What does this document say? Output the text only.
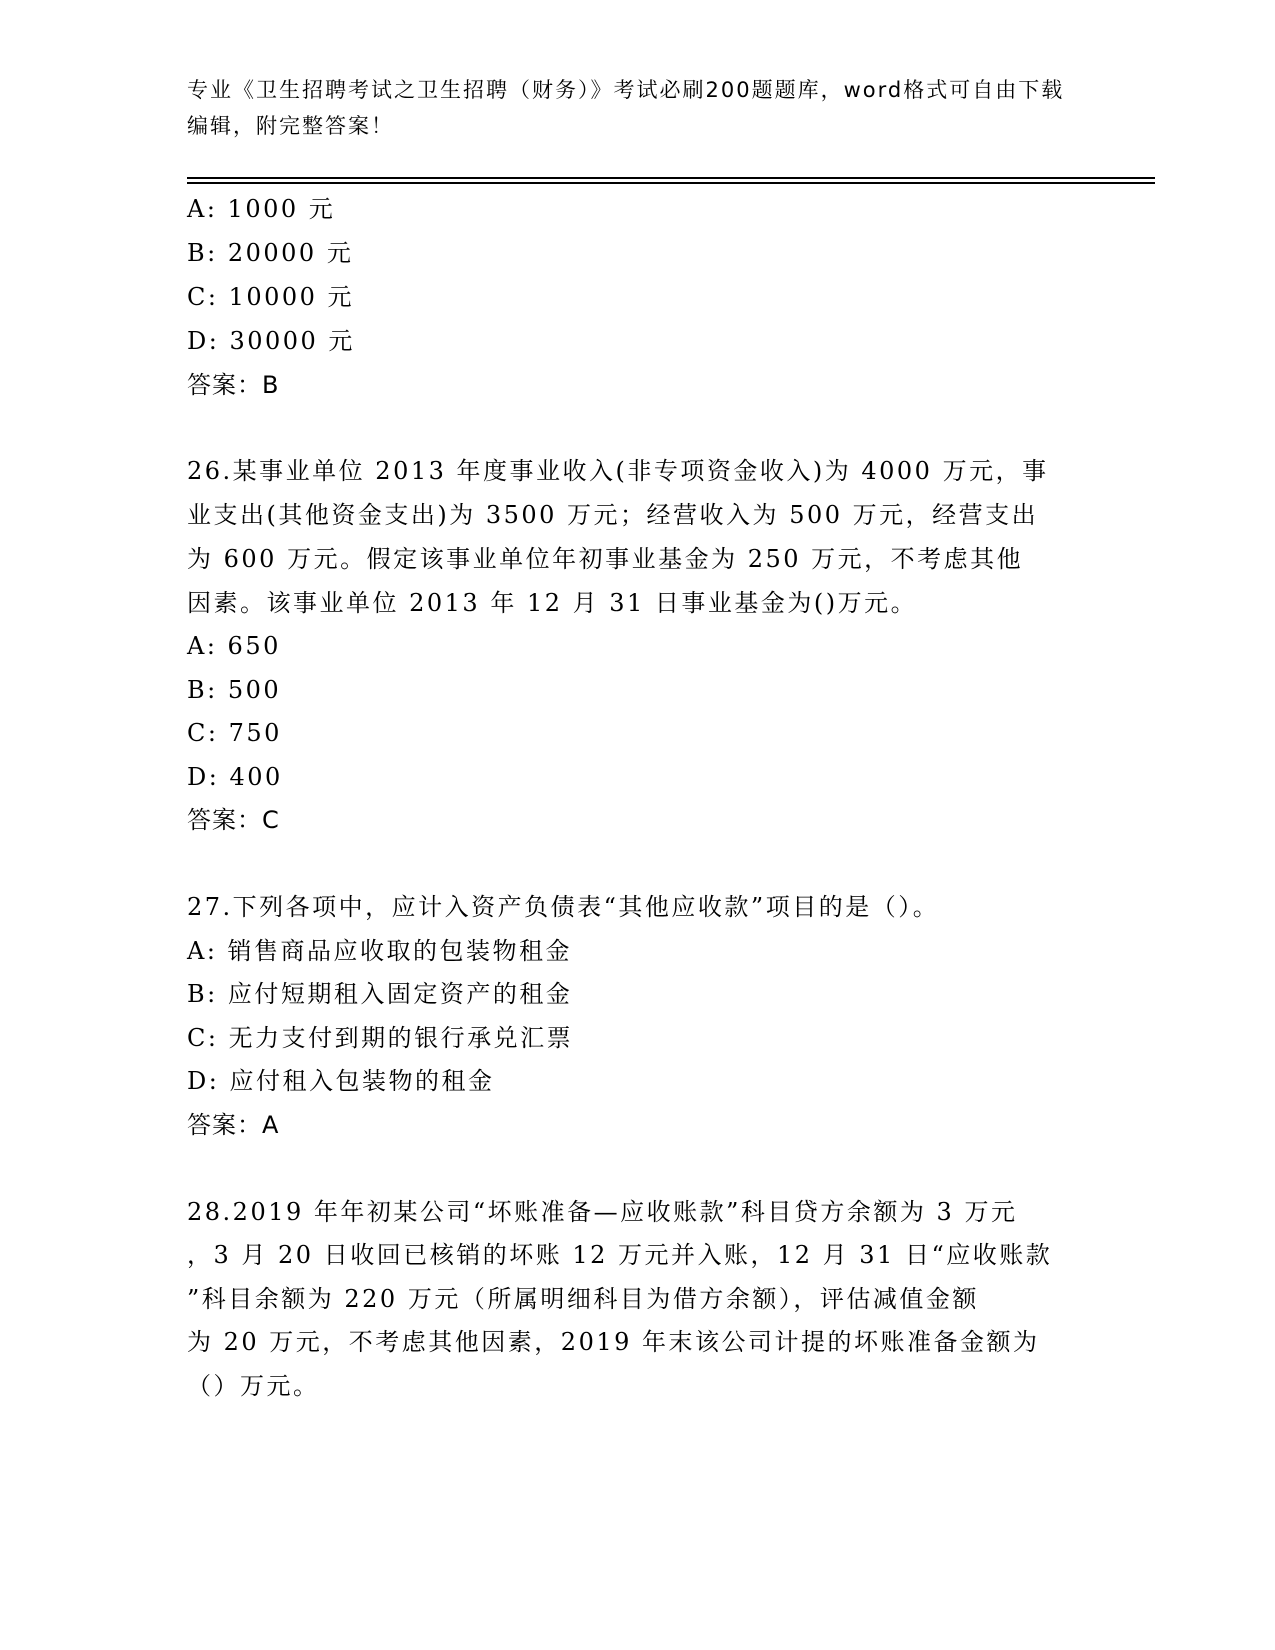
专业《卫生招聘考试之卫生招聘（财务）》考试必刷200题题库，word格式可自由下载编辑，附完整答案！
A: 1000 元
B: 20000 元
C: 10000 元
D: 30000 元
答案：B
26.某事业单位 2013 年度事业收入(非专项资金收入)为 4000 万元，事
业支出(其他资金支出)为 3500 万元；经营收入为 500 万元，经营支出
为 600 万元。假定该事业单位年初事业基金为 250 万元，不考虑其他
因素。该事业单位 2013 年 12 月 31 日事业基金为()万元。
A: 650
B: 500
C: 750
D: 400
答案：C
27.下列各项中，应计入资产负债表“其他应收款”项目的是（）。
A: 销售商品应收取的包装物租金
B: 应付短期租入固定资产的租金
C: 无力支付到期的银行承兑汇票
D: 应付租入包装物的租金
答案：A
28.2019 年年初某公司“坏账准备—应收账款”科目贷方余额为 3 万元
，3 月 20 日收回已核销的坏账 12 万元并入账，12 月 31 日“应收账款
”科目余额为 220 万元（所属明细科目为借方余额），评估减值金额
为 20 万元，不考虑其他因素，2019 年末该公司计提的坏账准备金额为
（）万元。
